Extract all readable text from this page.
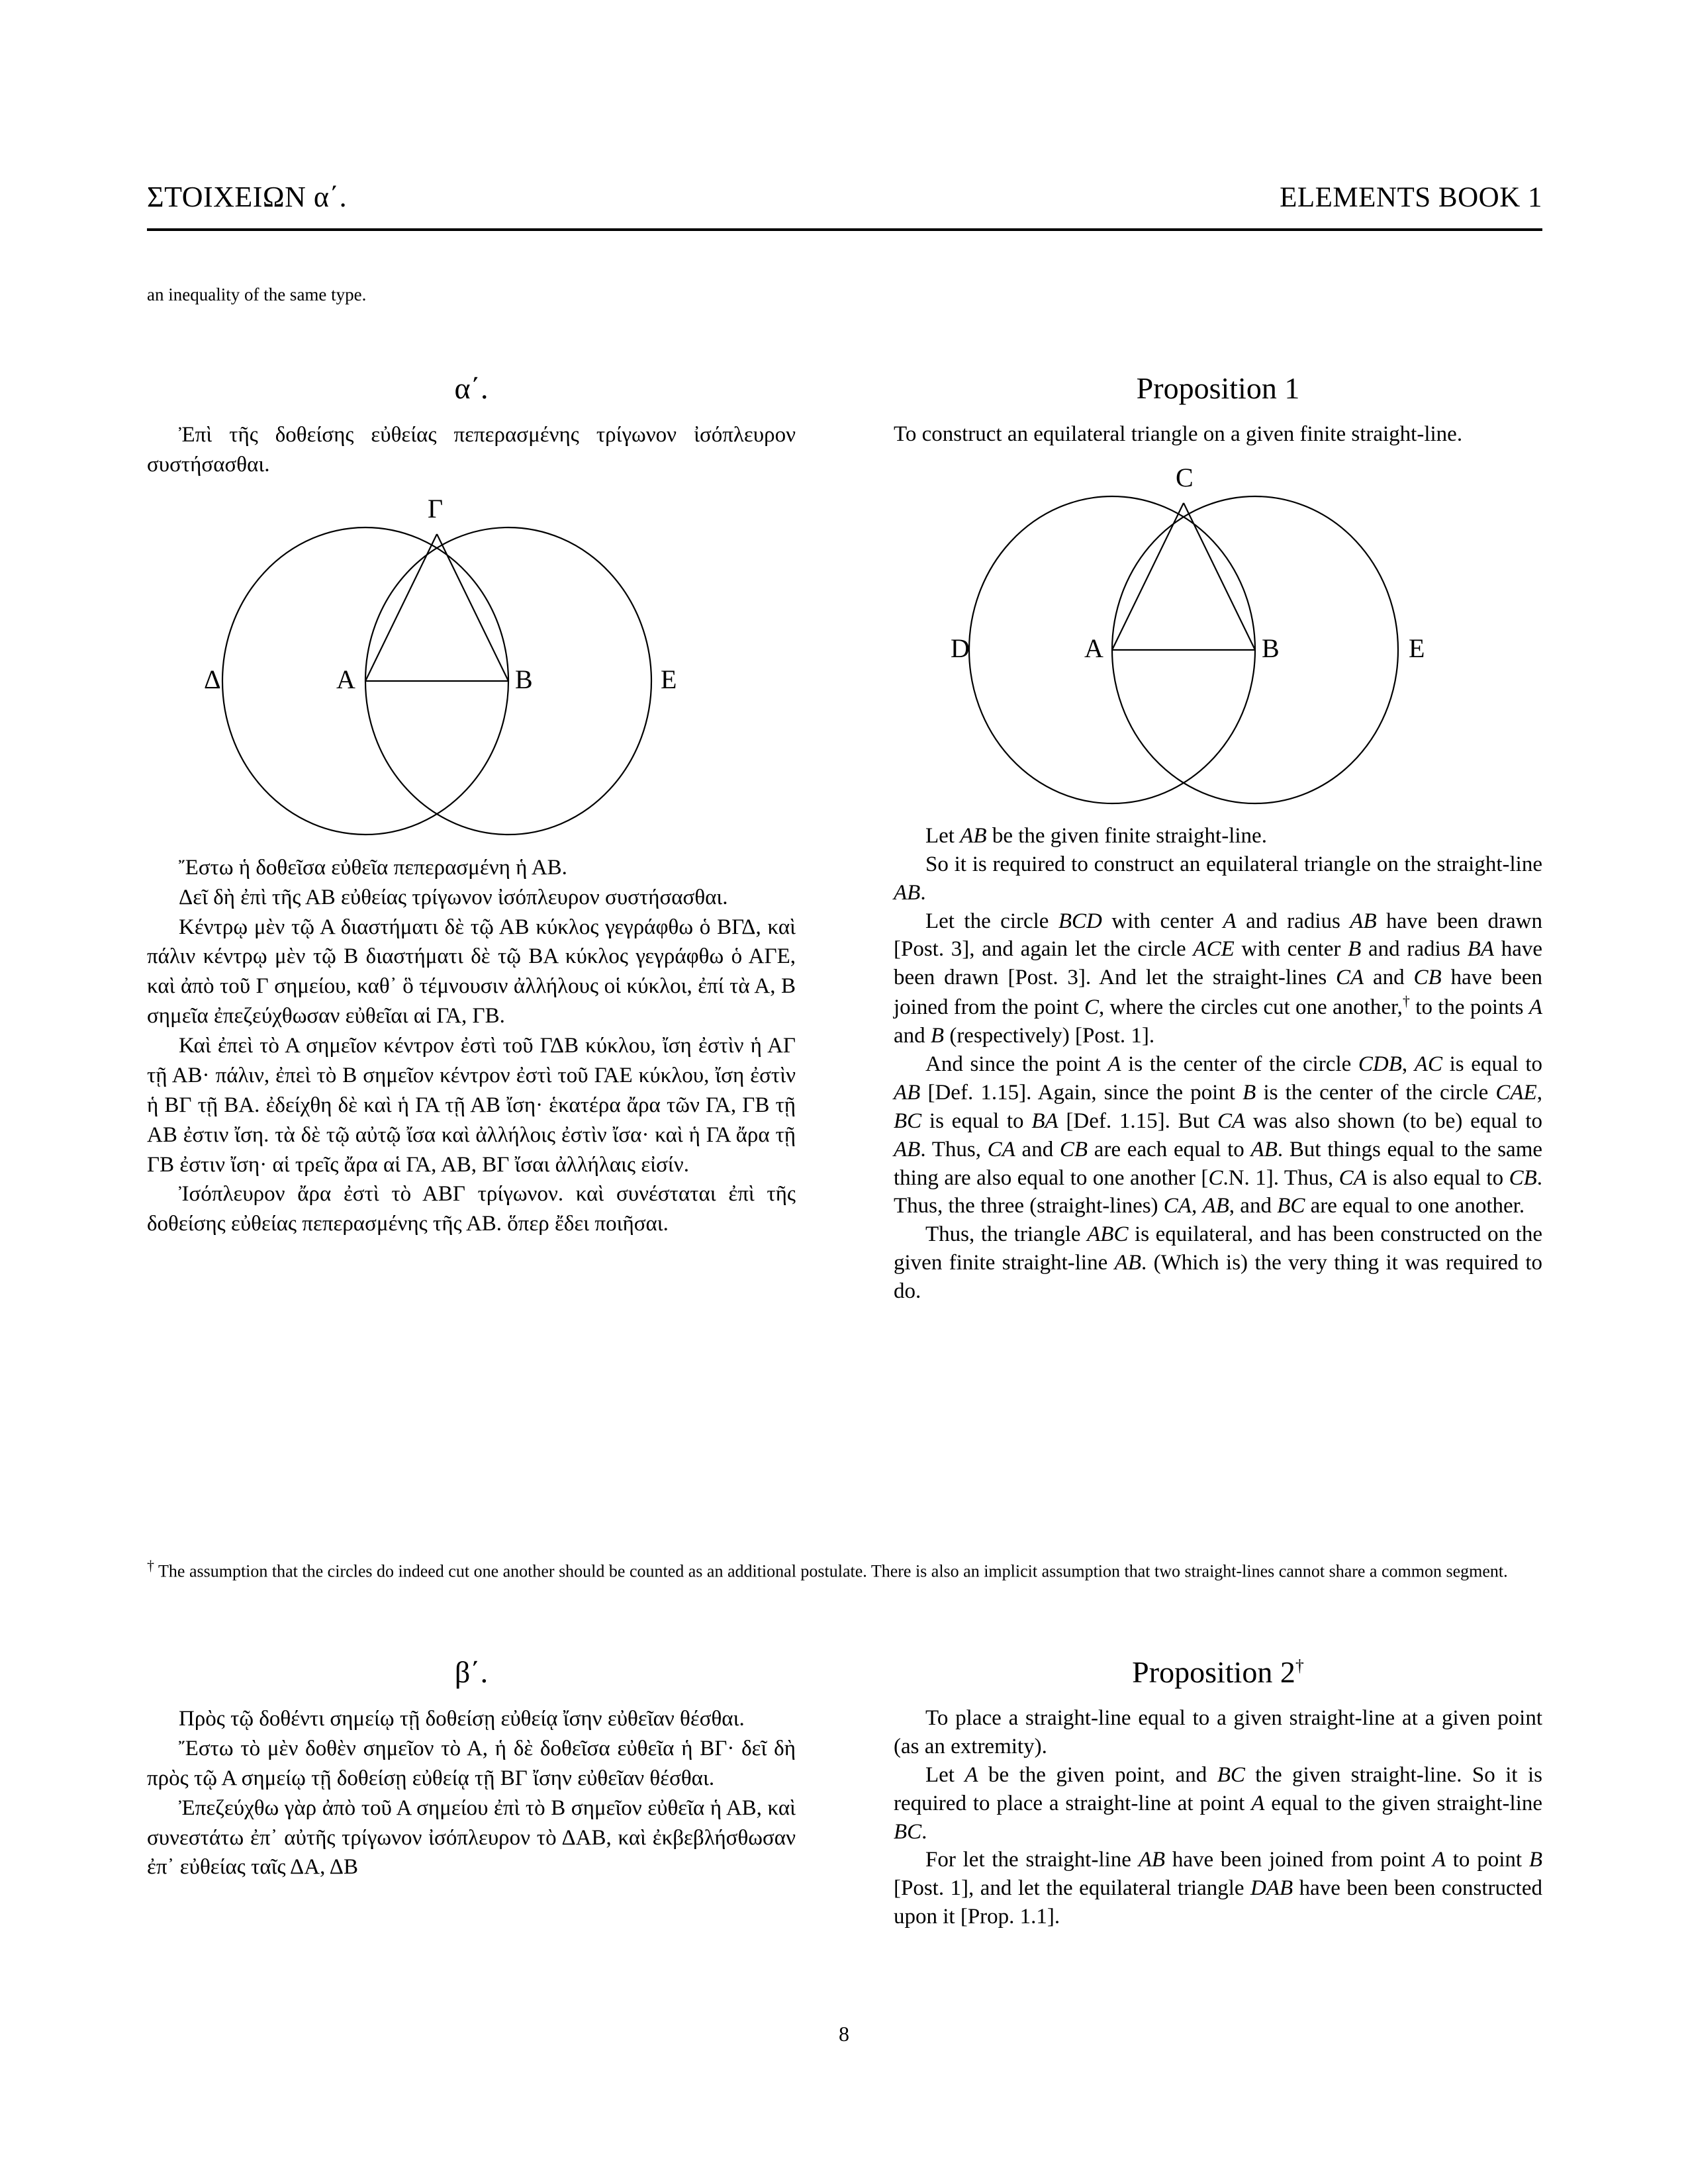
ΣΤΟΙΧΕΙΩΝ α΄.	ELEMENTS BOOK 1
an inequality of the same type.
α΄.

Ἐπὶ τῆς δοθείσης εὐθείας πεπερασμένης τρίγωνον ἰσόπλευρον συστήσασθαι.

Γ
Δ	Α	Β	Ε

Ἔστω ἡ δοθεῖσα εὐθεῖα πεπερασμένη ἡ ΑΒ.

Δεῖ δὴ ἐπὶ τῆς ΑΒ εὐθείας τρίγωνον ἰσόπλευρον συστήσασθαι.

Κέντρῳ μὲν τῷ Α διαστήματι δὲ τῷ ΑΒ κύκλος γεγράφθω ὁ ΒΓΔ, καὶ πάλιν κέντρῳ μὲν τῷ Β διαστήματι δὲ τῷ ΒΑ κύκλος γεγράφθω ὁ ΑΓΕ, καὶ ἀπὸ τοῦ Γ σημείου, καθ᾽ ὃ τέμνουσιν ἀλλήλους οἱ κύκλοι, ἐπί τὰ Α, Β σημεῖα ἐπεζεύχθωσαν εὐθεῖαι αἱ ΓΑ, ΓΒ.

Καὶ ἐπεὶ τὸ Α σημεῖον κέντρον ἐστὶ τοῦ ΓΔΒ κύκλου, ἴση ἐστὶν ἡ ΑΓ τῇ ΑΒ· πάλιν, ἐπεὶ τὸ Β σημεῖον κέντρον ἐστὶ τοῦ ΓΑΕ κύκλου, ἴση ἐστὶν ἡ ΒΓ τῇ ΒΑ. ἐδείχθη δὲ καὶ ἡ ΓΑ τῇ ΑΒ ἴση· ἑκατέρα ἄρα τῶν ΓΑ, ΓΒ τῇ ΑΒ ἐστιν ἴση. τὰ δὲ τῷ αὐτῷ ἴσα καὶ ἀλλήλοις ἐστὶν ἴσα· καὶ ἡ ΓΑ ἄρα τῇ ΓΒ ἐστιν ἴση· αἱ τρεῖς ἄρα αἱ ΓΑ, ΑΒ, ΒΓ ἴσαι ἀλλήλαις εἰσίν.

Ἰσόπλευρον ἄρα ἐστὶ τὸ ΑΒΓ τρίγωνον. καὶ συνέσταται ἐπὶ τῆς δοθείσης εὐθείας πεπερασμένης τῆς ΑΒ. ὅπερ ἔδει ποιῆσαι.

Proposition 1

To construct an equilateral triangle on a given finite straight-line.

C
D	A	B	E

Let AB be the given finite straight-line.

So it is required to construct an equilateral triangle on the straight-line AB.

Let the circle BCD with center A and radius AB have been drawn [Post. 3], and again let the circle ACE with center B and radius BA have been drawn [Post. 3]. And let the straight-lines CA and CB have been joined from the point C, where the circles cut one another,† to the points A and B (respectively) [Post. 1].

And since the point A is the center of the circle CDB, AC is equal to AB [Def. 1.15]. Again, since the point B is the center of the circle CAE, BC is equal to BA [Def. 1.15]. But CA was also shown (to be) equal to AB. Thus, CA and CB are each equal to AB. But things equal to the same thing are also equal to one another [C.N. 1]. Thus, CA is also equal to CB. Thus, the three (straight-lines) CA, AB, and BC are equal to one another.

Thus, the triangle ABC is equilateral, and has been constructed on the given finite straight-line AB. (Which is) the very thing it was required to do.

† The assumption that the circles do indeed cut one another should be counted as an additional postulate. There is also an implicit assumption that two straight-lines cannot share a common segment.
β΄.

Πρὸς τῷ δοθέντι σημείῳ τῇ δοθείσῃ εὐθείᾳ ἴσην εὐθεῖαν θέσθαι.

Ἔστω τὸ μὲν δοθὲν σημεῖον τὸ Α, ἡ δὲ δοθεῖσα εὐθεῖα ἡ ΒΓ· δεῖ δὴ πρὸς τῷ Α σημείῳ τῇ δοθείσῃ εὐθείᾳ τῇ ΒΓ ἴσην εὐθεῖαν θέσθαι.

Ἐπεζεύχθω γὰρ ἀπὸ τοῦ Α σημείου ἐπὶ τὸ Β σημεῖον εὐθεῖα ἡ ΑΒ, καὶ συνεστάτω ἐπ᾽ αὐτῆς τρίγωνον ἰσόπλευρον τὸ ΔΑΒ, καὶ ἐκβεβλήσθωσαν ἐπ᾽ εὐθείας ταῖς ΔΑ, ΔΒ

Proposition 2†

To place a straight-line equal to a given straight-line at a given point (as an extremity).

Let A be the given point, and BC the given straight-line. So it is required to place a straight-line at point A equal to the given straight-line BC.

For let the straight-line AB have been joined from point A to point B [Post. 1], and let the equilateral triangle DAB have been been constructed upon it [Prop. 1.1].

8
